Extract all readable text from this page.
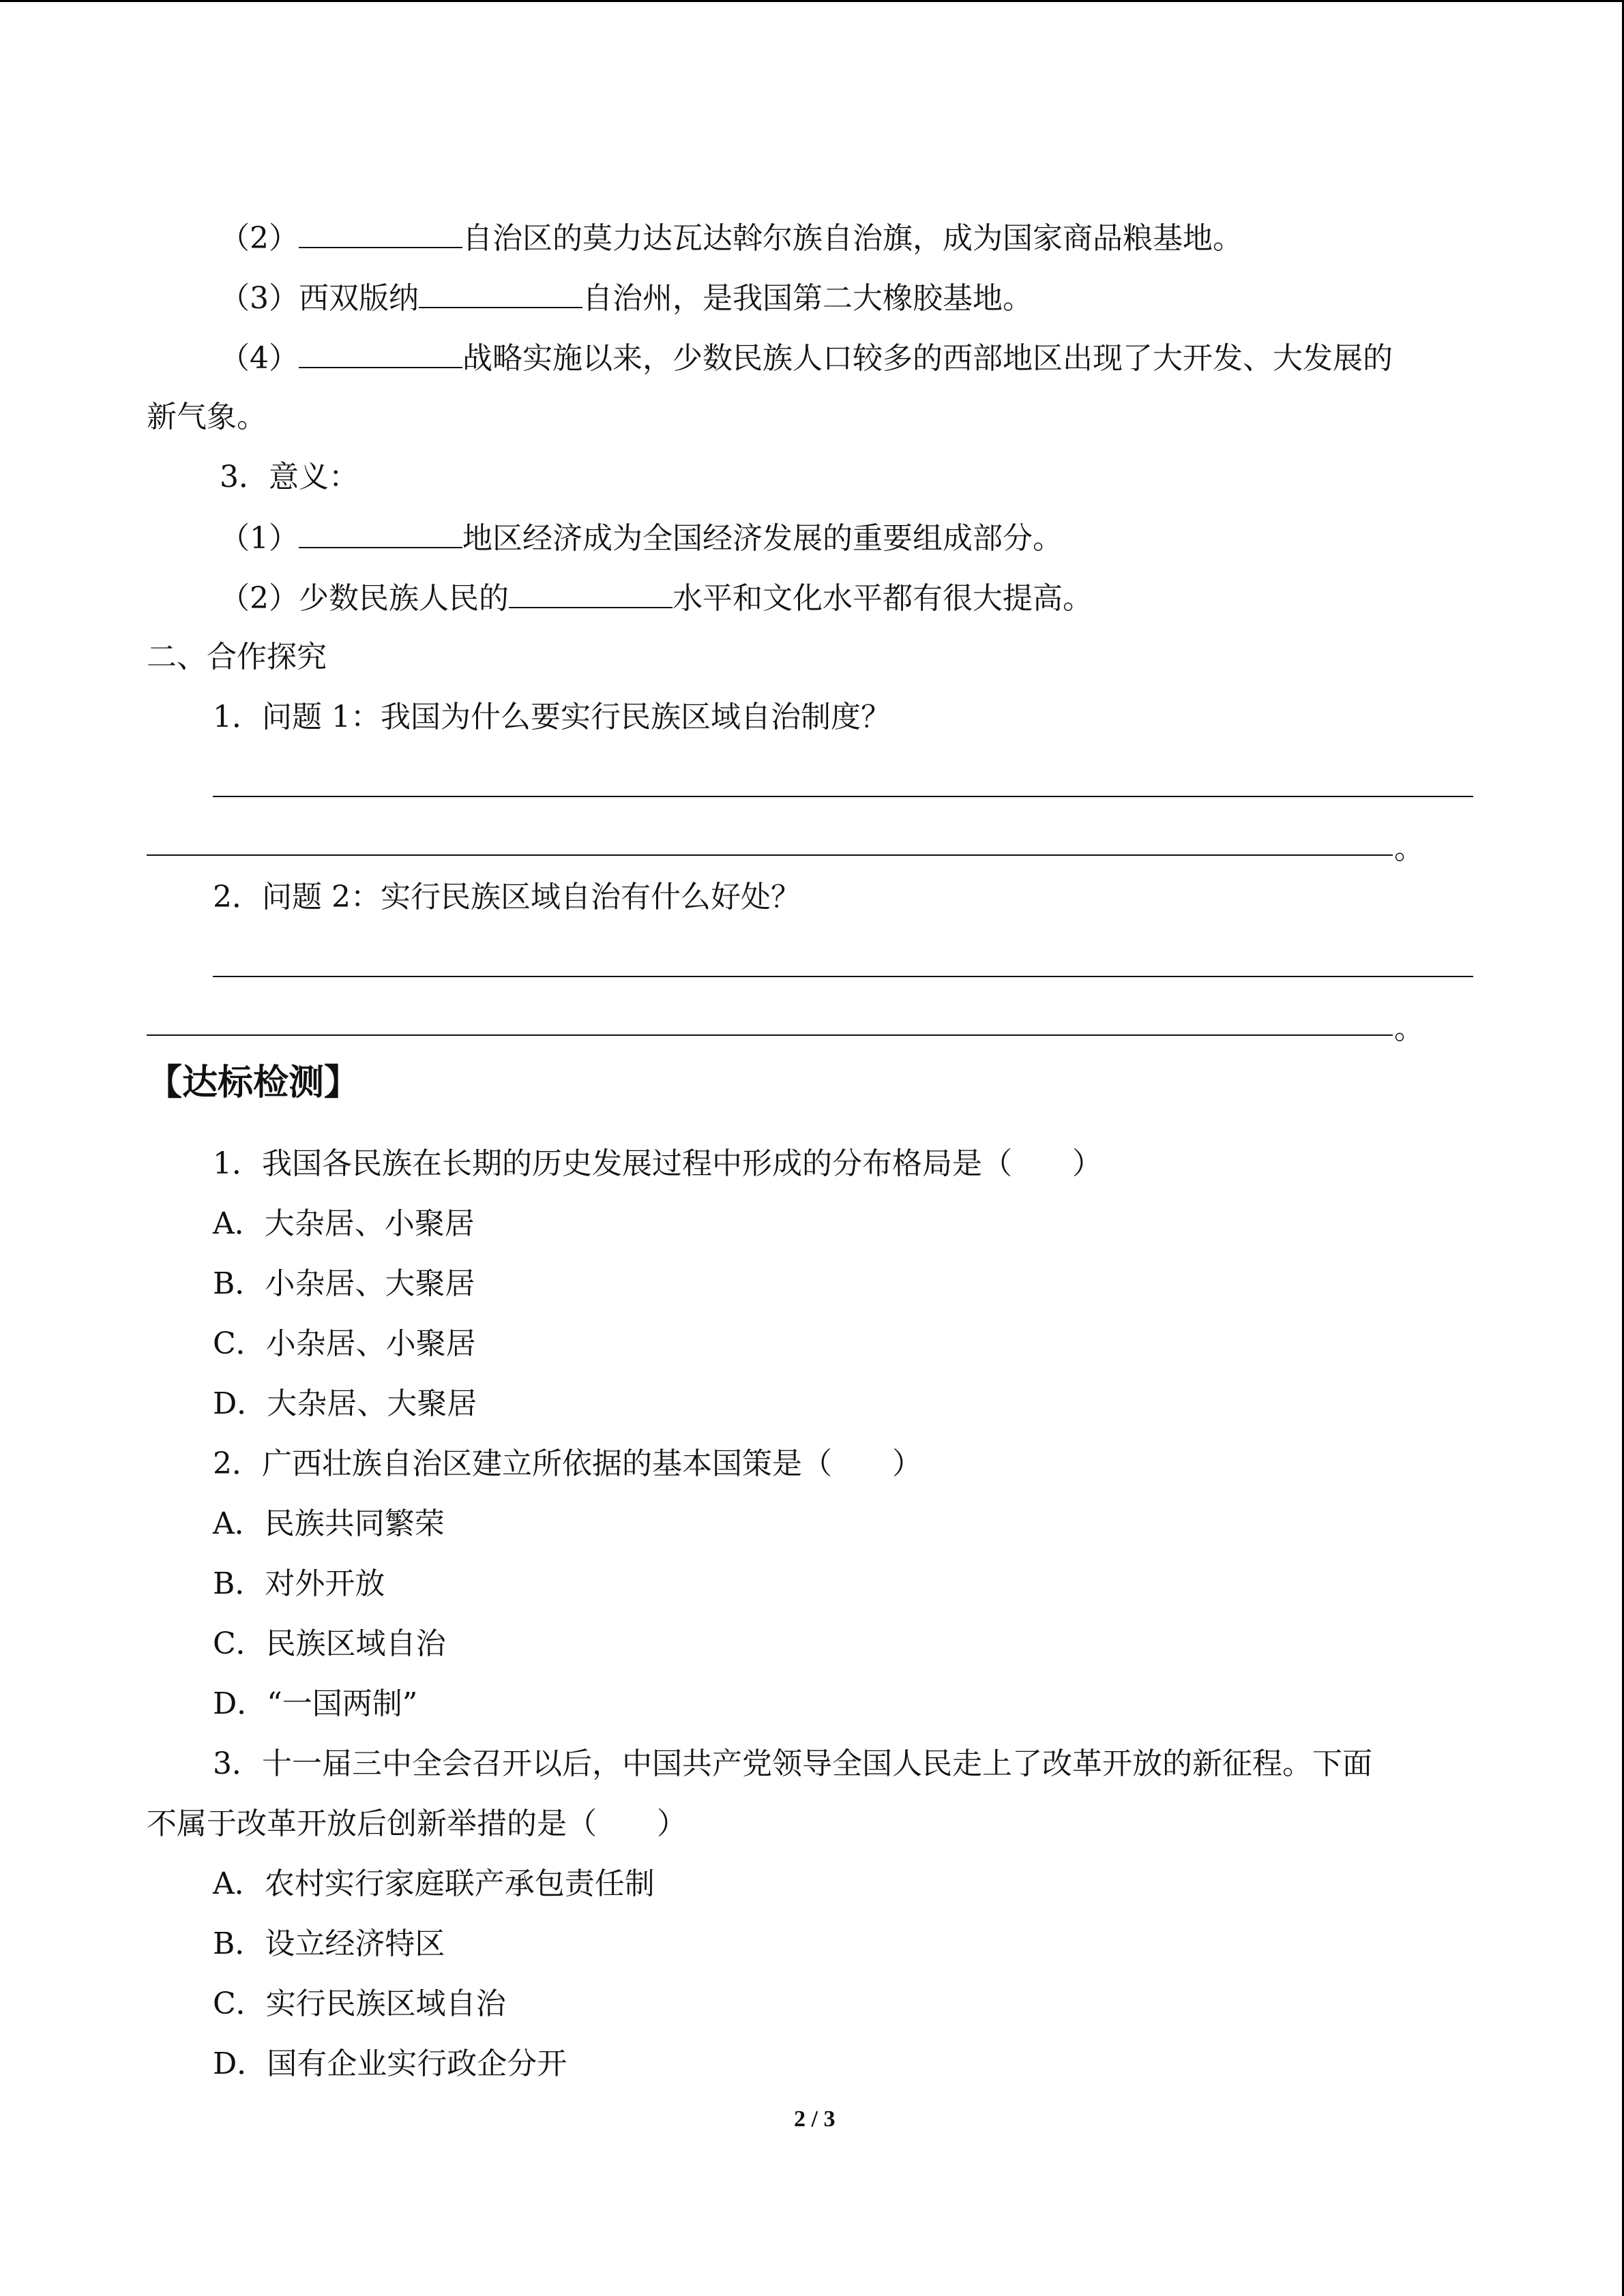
（2）	自治区的莫力达瓦达斡尔族自治旗，成为国家商品粮基地。
（3）西双版纳	自治州，是我国第二大橡胶基地。
（4）	战略实施以来，少数民族人口较多的西部地区出现了大开发、大发展的
新气象。
3．意义：
（1）	地区经济成为全国经济发展的重要组成部分。
（2）少数民族人民的	水平和文化水平都有很大提高。
二、合作探究
1．问题 1：我国为什么要实行民族区域自治制度？
。
2．问题 2：实行民族区域自治有什么好处？
。
【达标检测】
1．我国各民族在长期的历史发展过程中形成的分布格局是（　　）
A．大杂居、小聚居
B．小杂居、大聚居
C．小杂居、小聚居
D．大杂居、大聚居
2．广西壮族自治区建立所依据的基本国策是（　　）
A．民族共同繁荣
B．对外开放
C．民族区域自治
D．“一国两制”
3．十一届三中全会召开以后，中国共产党领导全国人民走上了改革开放的新征程。下面
不属于改革开放后创新举措的是（　　）
A．农村实行家庭联产承包责任制
B．设立经济特区
C．实行民族区域自治
D．国有企业实行政企分开
2 / 3
